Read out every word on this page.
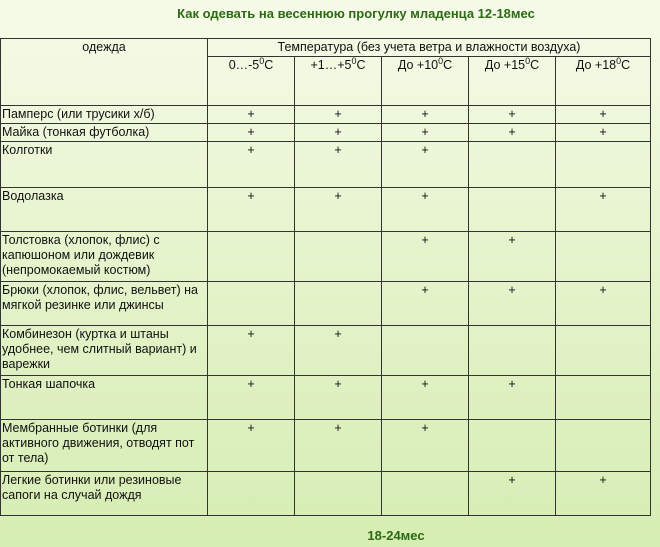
Как одевать на весеннюю прогулку младенца 12-18мес
одежда	Температура (без учета ветра и влажности воздуха)				
	$0\dots-5^0С$	$+1\dots+5^0С$	До $+10^0С$	До $+15^0С$	До $+18^0С$
Памперс (или трусики х/б)	+	+	+	+	+
Майка (тонкая футболка)	+	+	+	+	+
Колготки	+	+	+		
Водолазка	+	+	+		+
Толстовка (хлопок, флис) с капюшоном или дождевик (непромокаемый костюм)			+	+	
Брюки (хлопок, флис, вельвет) на мягкой резинке или джинсы			+	+	+
Комбинезон (куртка и штаны удобнее, чем слитный вариант) и варежки	+	+			
Тонкая шапочка	+	+	+	+	
Мембранные ботинки (для активного движения, отводят пот от тела)	+	+	+		
Легкие ботинки или резиновые сапоги на случай дождя				+	+
18-24мес
